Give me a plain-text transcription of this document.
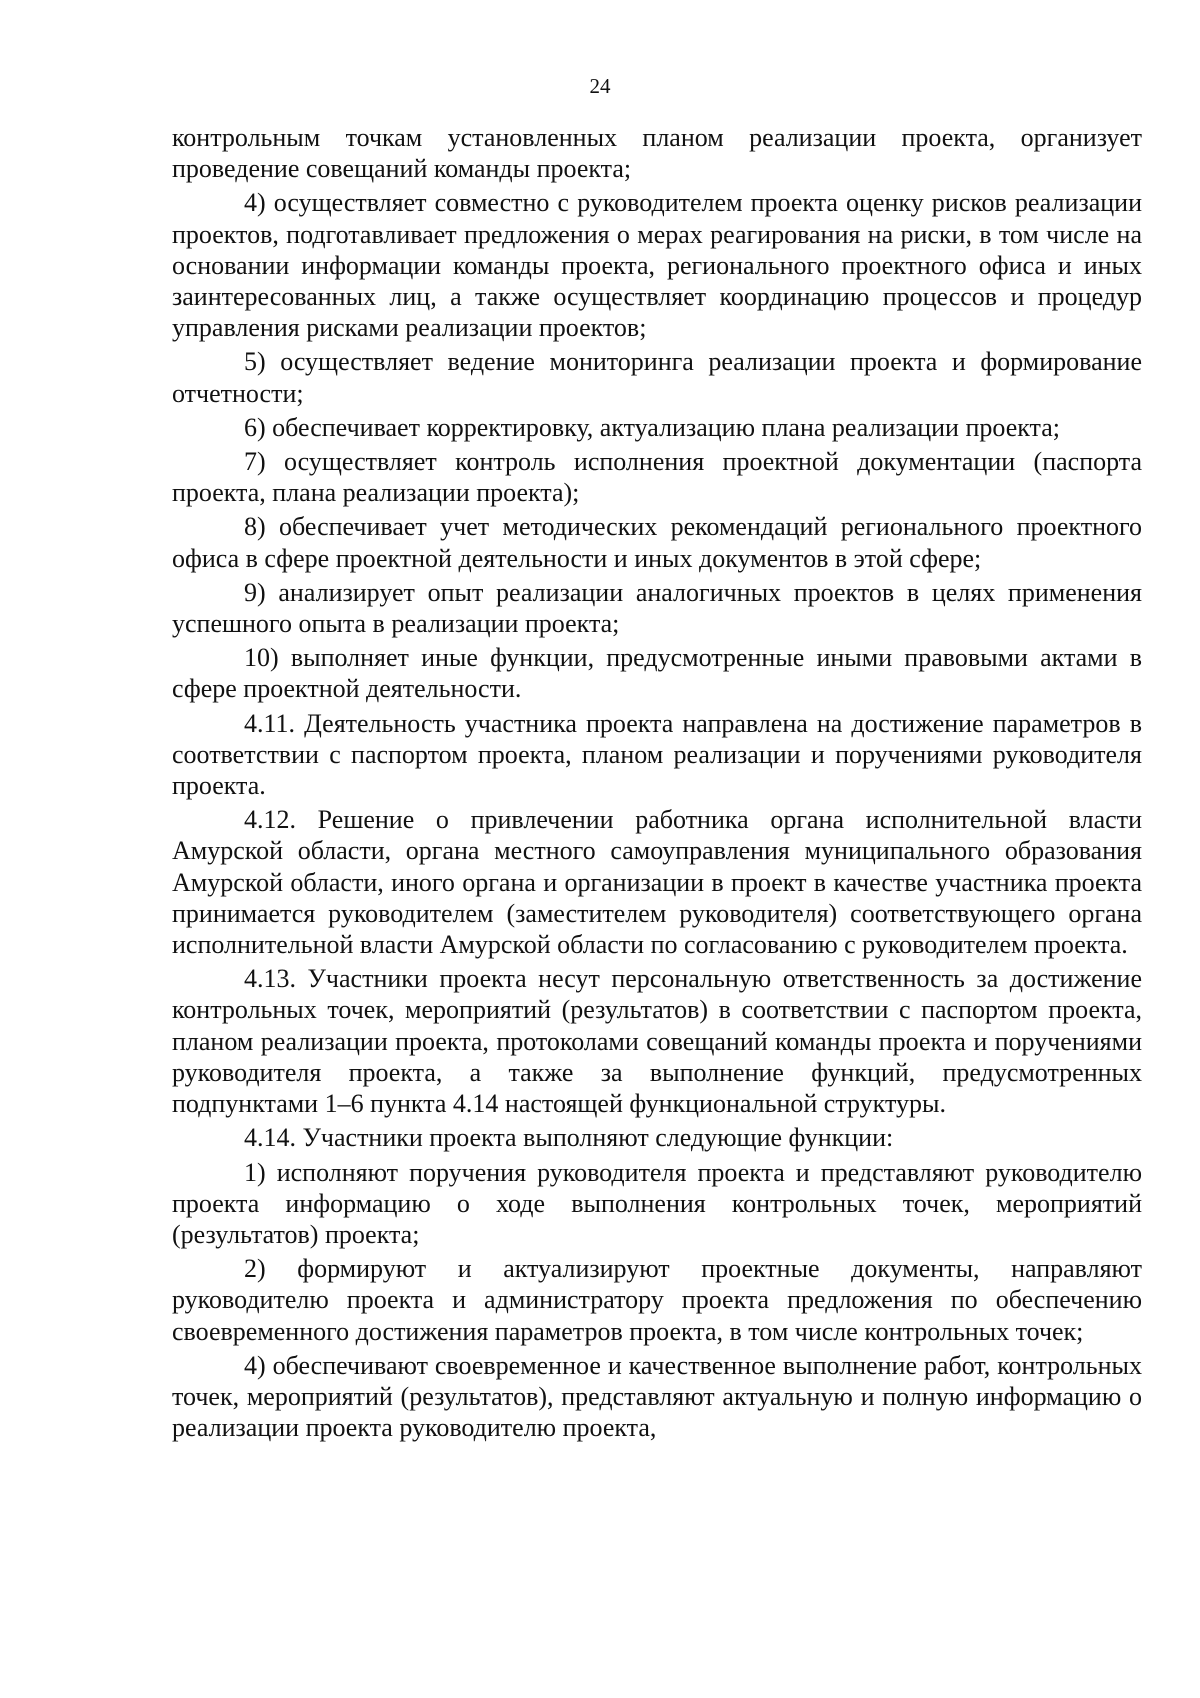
24

контрольным точкам установленных планом реализации проекта, организует проведение совещаний команды проекта;

4) осуществляет совместно с руководителем проекта оценку рисков реализации проектов, подготавливает предложения о мерах реагирования на риски, в том числе на основании информации команды проекта, регионального проектного офиса и иных заинтересованных лиц, а также осуществляет координацию процессов и процедур управления рисками реализации проектов;

5) осуществляет ведение мониторинга реализации проекта и формирование отчетности;

6) обеспечивает корректировку, актуализацию плана реализации проекта;

7) осуществляет контроль исполнения проектной документации (паспорта проекта, плана реализации проекта);

8) обеспечивает учет методических рекомендаций регионального проектного офиса в сфере проектной деятельности и иных документов в этой сфере;

9) анализирует опыт реализации аналогичных проектов в целях применения успешного опыта в реализации проекта;

10) выполняет иные функции, предусмотренные иными правовыми актами в сфере проектной деятельности.

4.11. Деятельность участника проекта направлена на достижение параметров в соответствии с паспортом проекта, планом реализации и поручениями руководителя проекта.

4.12. Решение о привлечении работника органа исполнительной власти Амурской области, органа местного самоуправления муниципального образования Амурской области, иного органа и организации в проект в качестве участника проекта принимается руководителем (заместителем руководителя) соответствующего органа исполнительной власти Амурской области по согласованию с руководителем проекта.

4.13. Участники проекта несут персональную ответственность за достижение контрольных точек, мероприятий (результатов) в соответствии с паспортом проекта, планом реализации проекта, протоколами совещаний команды проекта и поручениями руководителя проекта, а также за выполнение функций, предусмотренных подпунктами 1–6 пункта 4.14 настоящей функциональной структуры.

4.14. Участники проекта выполняют следующие функции:

1) исполняют поручения руководителя проекта и представляют руководителю проекта информацию о ходе выполнения контрольных точек, мероприятий (результатов) проекта;

2) формируют и актуализируют проектные документы, направляют руководителю проекта и администратору проекта предложения по обеспечению своевременного достижения параметров проекта, в том числе контрольных точек;

4) обеспечивают своевременное и качественное выполнение работ, контрольных точек, мероприятий (результатов), представляют актуальную и полную информацию о реализации проекта руководителю проекта,
